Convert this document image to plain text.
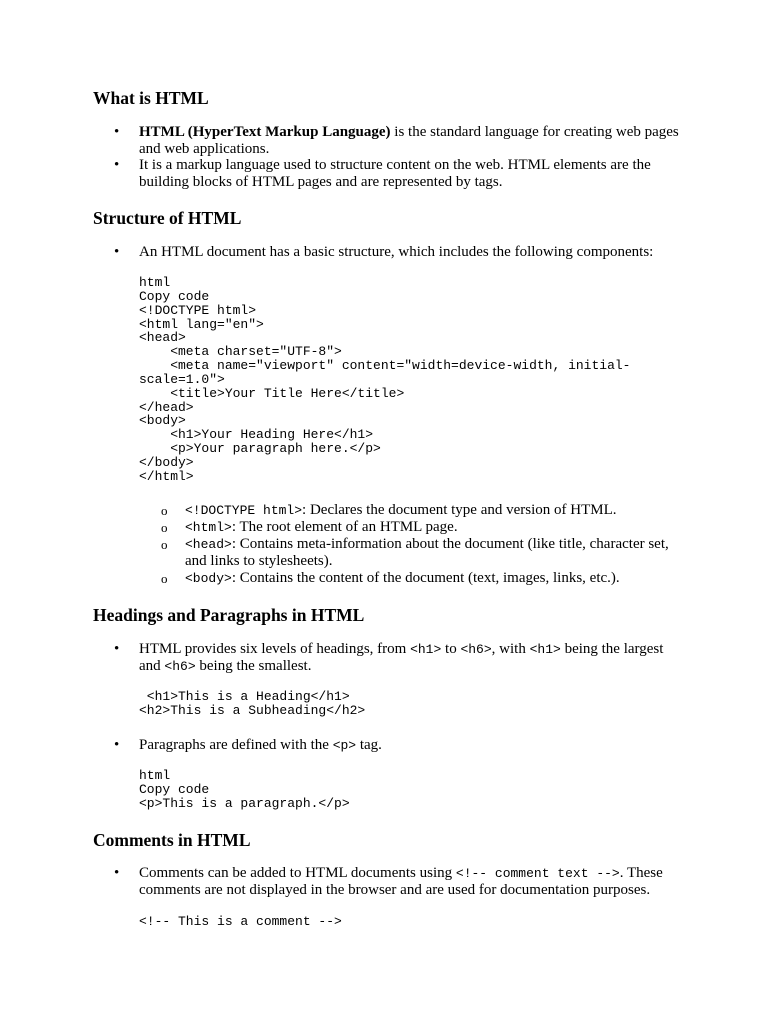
What is HTML
• HTML (HyperText Markup Language) is the standard language for creating web pages and web applications.
• It is a markup language used to structure content on the web. HTML elements are the building blocks of HTML pages and are represented by tags.
Structure of HTML
• An HTML document has a basic structure, which includes the following components:
html
Copy code
<!DOCTYPE html>
<html lang="en">
<head>
<meta charset="UTF-8">
<meta name="viewport" content="width=device-width, initial-
scale=1.0">
<title>Your Title Here</title>
</head>
<body>
<h1>Your Heading Here</h1>
<p>Your paragraph here.</p>
</body>
</html>
o <!DOCTYPE html>: Declares the document type and version of HTML.
o <html>: The root element of an HTML page.
o <head>: Contains meta-information about the document (like title, character set, and links to stylesheets).
o <body>: Contains the content of the document (text, images, links, etc.).
Headings and Paragraphs in HTML
• HTML provides six levels of headings, from <h1> to <h6>, with <h1> being the largest and <h6> being the smallest.
<h1>This is a Heading</h1>
<h2>This is a Subheading</h2>
• Paragraphs are defined with the <p> tag.
html
Copy code
<p>This is a paragraph.</p>
Comments in HTML
• Comments can be added to HTML documents using <!-- comment text -->. These comments are not displayed in the browser and are used for documentation purposes.
<!-- This is a comment -->
